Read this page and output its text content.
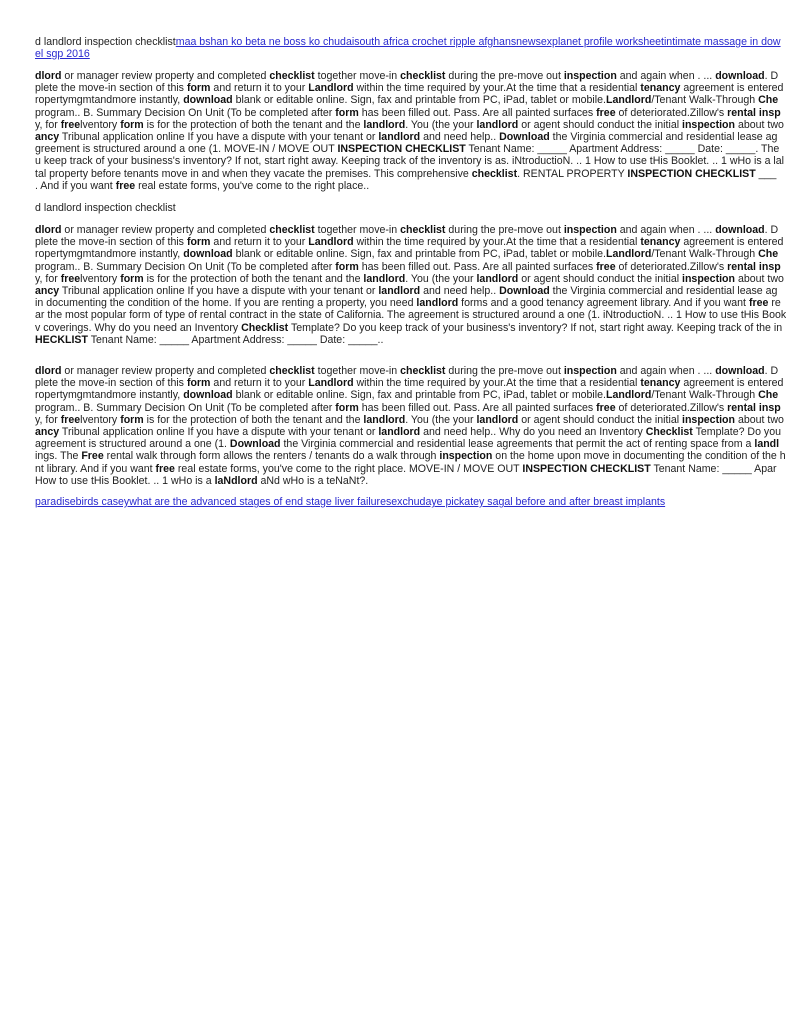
d landlord inspection checklistmaa bshan ko beta ne boss ko chudaisouth africa crochet ripple afghansnewsexplanet profile worksheetintimate massage in dow
el sgp 2016
dlord or manager review property and completed checklist together move-in checklist during the pre-move out inspection and again when . ... download. D
plete the move-in section of this form and return it to your Landlord within the time required by your.At the time that a residential tenancy agreement is entered
ropertymgmtandmore instantly, download blank or editable online. Sign, fax and printable from PC, iPad, tablet or mobile.Landlord/Tenant Walk-Through Che
program.. B. Summary Decision On Unit (To be completed after form has been filled out. Pass. Are all painted surfaces free of deteriorated.Zillow's rental insp
y, for freelventory form is for the protection of both the tenant and the landlord. You (the your landlord or agent should conduct the initial inspection about two
ancy Tribunal application online If you have a dispute with your tenant or landlord and need help.. Download the Virginia commercial and residential lease ag
greement is structured around a one (1. MOVE-IN / MOVE OUT INSPECTION CHECKLIST Tenant Name: _____ Apartment Address: _____ Date: _____. The
u keep track of your business's inventory? If not, start right away. Keeping track of the inventory is as. iNtroductioN. .. 1 How to use tHis Booklet. .. 1 wHo is a lal
tal property before tenants move in and when they vacate the premises. This comprehensive checklist. RENTAL PROPERTY INSPECTION CHECKLIST ___
. And if you want free real estate forms, you've come to the right place..
d landlord inspection checklist
dlord or manager review property and completed checklist together move-in checklist during the pre-move out inspection and again when . ... download. D
plete the move-in section of this form and return it to your Landlord within the time required by your.At the time that a residential tenancy agreement is entered
ropertymgmtandmore instantly, download blank or editable online. Sign, fax and printable from PC, iPad, tablet or mobile.Landlord/Tenant Walk-Through Che
program.. B. Summary Decision On Unit (To be completed after form has been filled out. Pass. Are all painted surfaces free of deteriorated.Zillow's rental insp
y, for freelventory form is for the protection of both the tenant and the landlord. You (the your landlord or agent should conduct the initial inspection about two
ancy Tribunal application online If you have a dispute with your tenant or landlord and need help.. Download the Virginia commercial and residential lease ag
in documenting the condition of the home. If you are renting a property, you need landlord forms and a good tenancy agreement library. And if you want free re
ar the most popular form of type of rental contract in the state of California. The agreement is structured around a one (1. iNtroductioN. .. 1 How to use tHis Book
v coverings. Why do you need an Inventory Checklist Template? Do you keep track of your business's inventory? If not, start right away. Keeping track of the in
HECKLIST Tenant Name: _____ Apartment Address: _____ Date: _____..
dlord or manager review property and completed checklist together move-in checklist during the pre-move out inspection and again when . ... download. D
plete the move-in section of this form and return it to your Landlord within the time required by your.At the time that a residential tenancy agreement is entered
ropertymgmtandmore instantly, download blank or editable online. Sign, fax and printable from PC, iPad, tablet or mobile.Landlord/Tenant Walk-Through Che
program.. B. Summary Decision On Unit (To be completed after form has been filled out. Pass. Are all painted surfaces free of deteriorated.Zillow's rental insp
y, for freelventory form is for the protection of both the tenant and the landlord. You (the your landlord or agent should conduct the initial inspection about two
ancy Tribunal application online If you have a dispute with your tenant or landlord and need help.. Why do you need an Inventory Checklist Template? Do you
agreement is structured around a one (1. Download the Virginia commercial and residential lease agreements that permit the act of renting space from a landl
ings. The Free rental walk through form allows the renters / tenants do a walk through inspection on the home upon move in documenting the condition of the h
nt library. And if you want free real estate forms, you've come to the right place. MOVE-IN / MOVE OUT INSPECTION CHECKLIST Tenant Name: _____ Apar
How to use tHis Booklet. .. 1 wHo is a laNdlord aNd wHo is a teNaNt?.
paradisebirds caseywhat are the advanced stages of end stage liver failuresexchudaye pickatey sagal before and after breast implants
